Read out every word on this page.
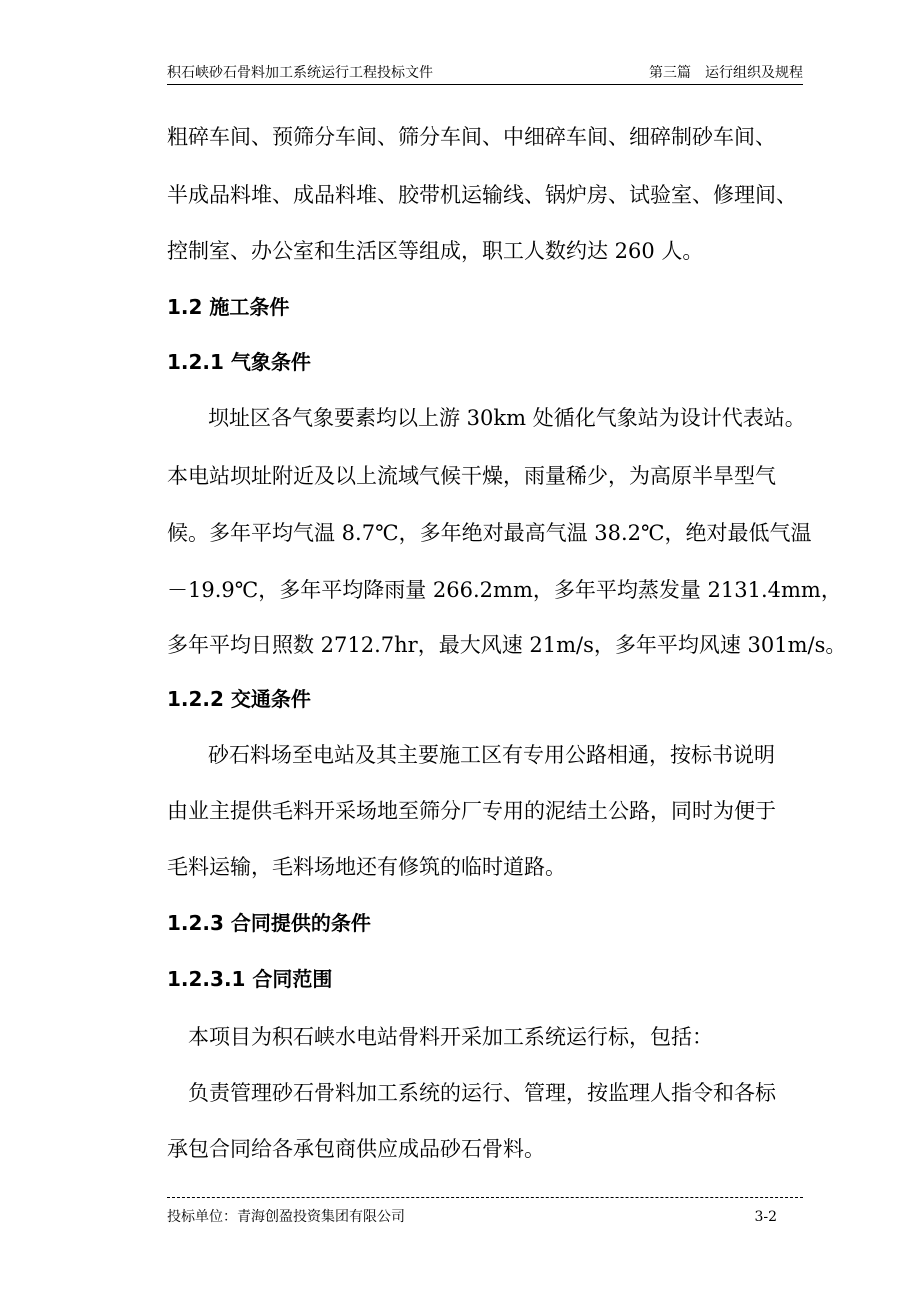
积石峡砂石骨料加工系统运行工程投标文件	第三篇　运行组织及规程
粗碎车间、预筛分车间、筛分车间、中细碎车间、细碎制砂车间、
半成品料堆、成品料堆、胶带机运输线、锅炉房、试验室、修理间、
控制室、办公室和生活区等组成，职工人数约达 260 人。
1.2 施工条件
1.2.1 气象条件
坝址区各气象要素均以上游 30km 处循化气象站为设计代表站。
本电站坝址附近及以上流域气候干燥，雨量稀少，为高原半旱型气
候。多年平均气温 8.7℃，多年绝对最高气温 38.2℃，绝对最低气温
－19.9℃，多年平均降雨量 266.2mm，多年平均蒸发量 2131.4mm，
多年平均日照数 2712.7hr，最大风速 21m/s，多年平均风速 301m/s。
1.2.2 交通条件
砂石料场至电站及其主要施工区有专用公路相通，按标书说明
由业主提供毛料开采场地至筛分厂专用的泥结土公路，同时为便于
毛料运输，毛料场地还有修筑的临时道路。
1.2.3 合同提供的条件
1.2.3.1 合同范围
本项目为积石峡水电站骨料开采加工系统运行标，包括：
负责管理砂石骨料加工系统的运行、管理，按监理人指令和各标
承包合同给各承包商供应成品砂石骨料。
投标单位：青海创盈投资集团有限公司	3-2
